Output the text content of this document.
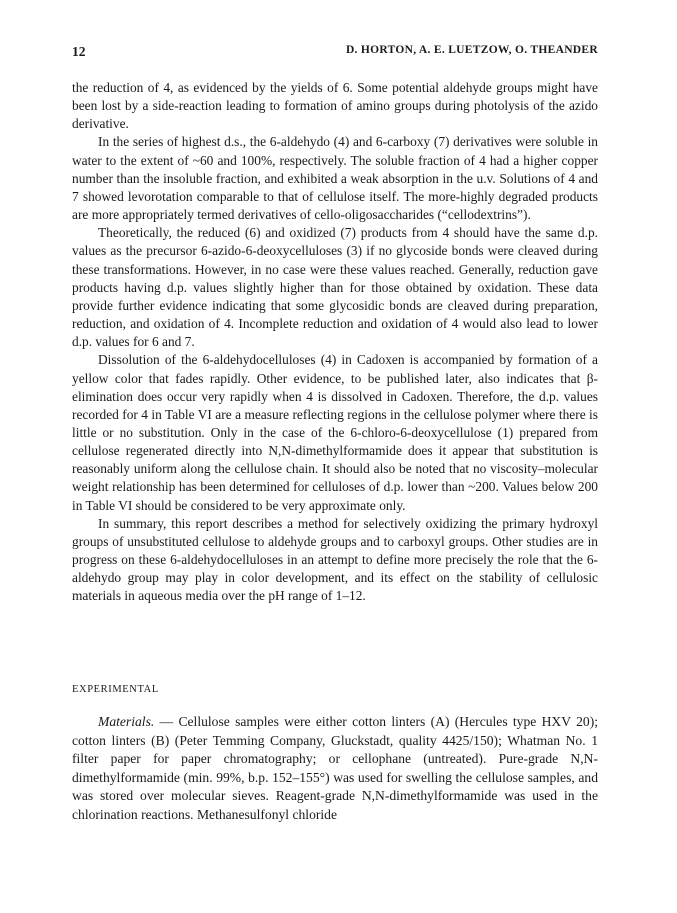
12	D. HORTON, A. E. LUETZOW, O. THEANDER

the reduction of 4, as evidenced by the yields of 6. Some potential aldehyde groups might have been lost by a side-reaction leading to formation of amino groups during photolysis of the azido derivative.

In the series of highest d.s., the 6-aldehydo (4) and 6-carboxy (7) derivatives were soluble in water to the extent of ~60 and 100%, respectively. The soluble fraction of 4 had a higher copper number than the insoluble fraction, and exhibited a weak absorption in the u.v. Solutions of 4 and 7 showed levorotation comparable to that of cellulose itself. The more-highly degraded products are more appropriately termed derivatives of cello-oligosaccharides (“cellodextrins”).

Theoretically, the reduced (6) and oxidized (7) products from 4 should have the same d.p. values as the precursor 6-azido-6-deoxycelluloses (3) if no glycoside bonds were cleaved during these transformations. However, in no case were these values reached. Generally, reduction gave products having d.p. values slightly higher than for those obtained by oxidation. These data provide further evidence indicating that some glycosidic bonds are cleaved during preparation, reduction, and oxidation of 4. Incomplete reduction and oxidation of 4 would also lead to lower d.p. values for 6 and 7.

Dissolution of the 6-aldehydocelluloses (4) in Cadoxen is accompanied by formation of a yellow color that fades rapidly. Other evidence, to be published later, also indicates that β-elimination does occur very rapidly when 4 is dissolved in Cadoxen. Therefore, the d.p. values recorded for 4 in Table VI are a measure reflecting regions in the cellulose polymer where there is little or no substitution. Only in the case of the 6-chloro-6-deoxycellulose (1) prepared from cellulose regenerated directly into N,N-dimethylformamide does it appear that substitution is reasonably uniform along the cellulose chain. It should also be noted that no viscosity–molecular weight relationship has been determined for celluloses of d.p. lower than ~200. Values below 200 in Table VI should be considered to be very approximate only.

In summary, this report describes a method for selectively oxidizing the primary hydroxyl groups of unsubstituted cellulose to aldehyde groups and to carboxyl groups. Other studies are in progress on these 6-aldehydocelluloses in an attempt to define more precisely the role that the 6-aldehydo group may play in color development, and its effect on the stability of cellulosic materials in aqueous media over the pH range of 1–12.

EXPERIMENTAL

Materials. — Cellulose samples were either cotton linters (A) (Hercules type HXV 20); cotton linters (B) (Peter Temming Company, Gluckstadt, quality 4425/150); Whatman No. 1 filter paper for paper chromatography; or cellophane (untreated). Pure-grade N,N-dimethylformamide (min. 99%, b.p. 152–155°) was used for swelling the cellulose samples, and was stored over molecular sieves. Reagent-grade N,N-dimethylformamide was used in the chlorination reactions. Methanesulfonyl chloride
